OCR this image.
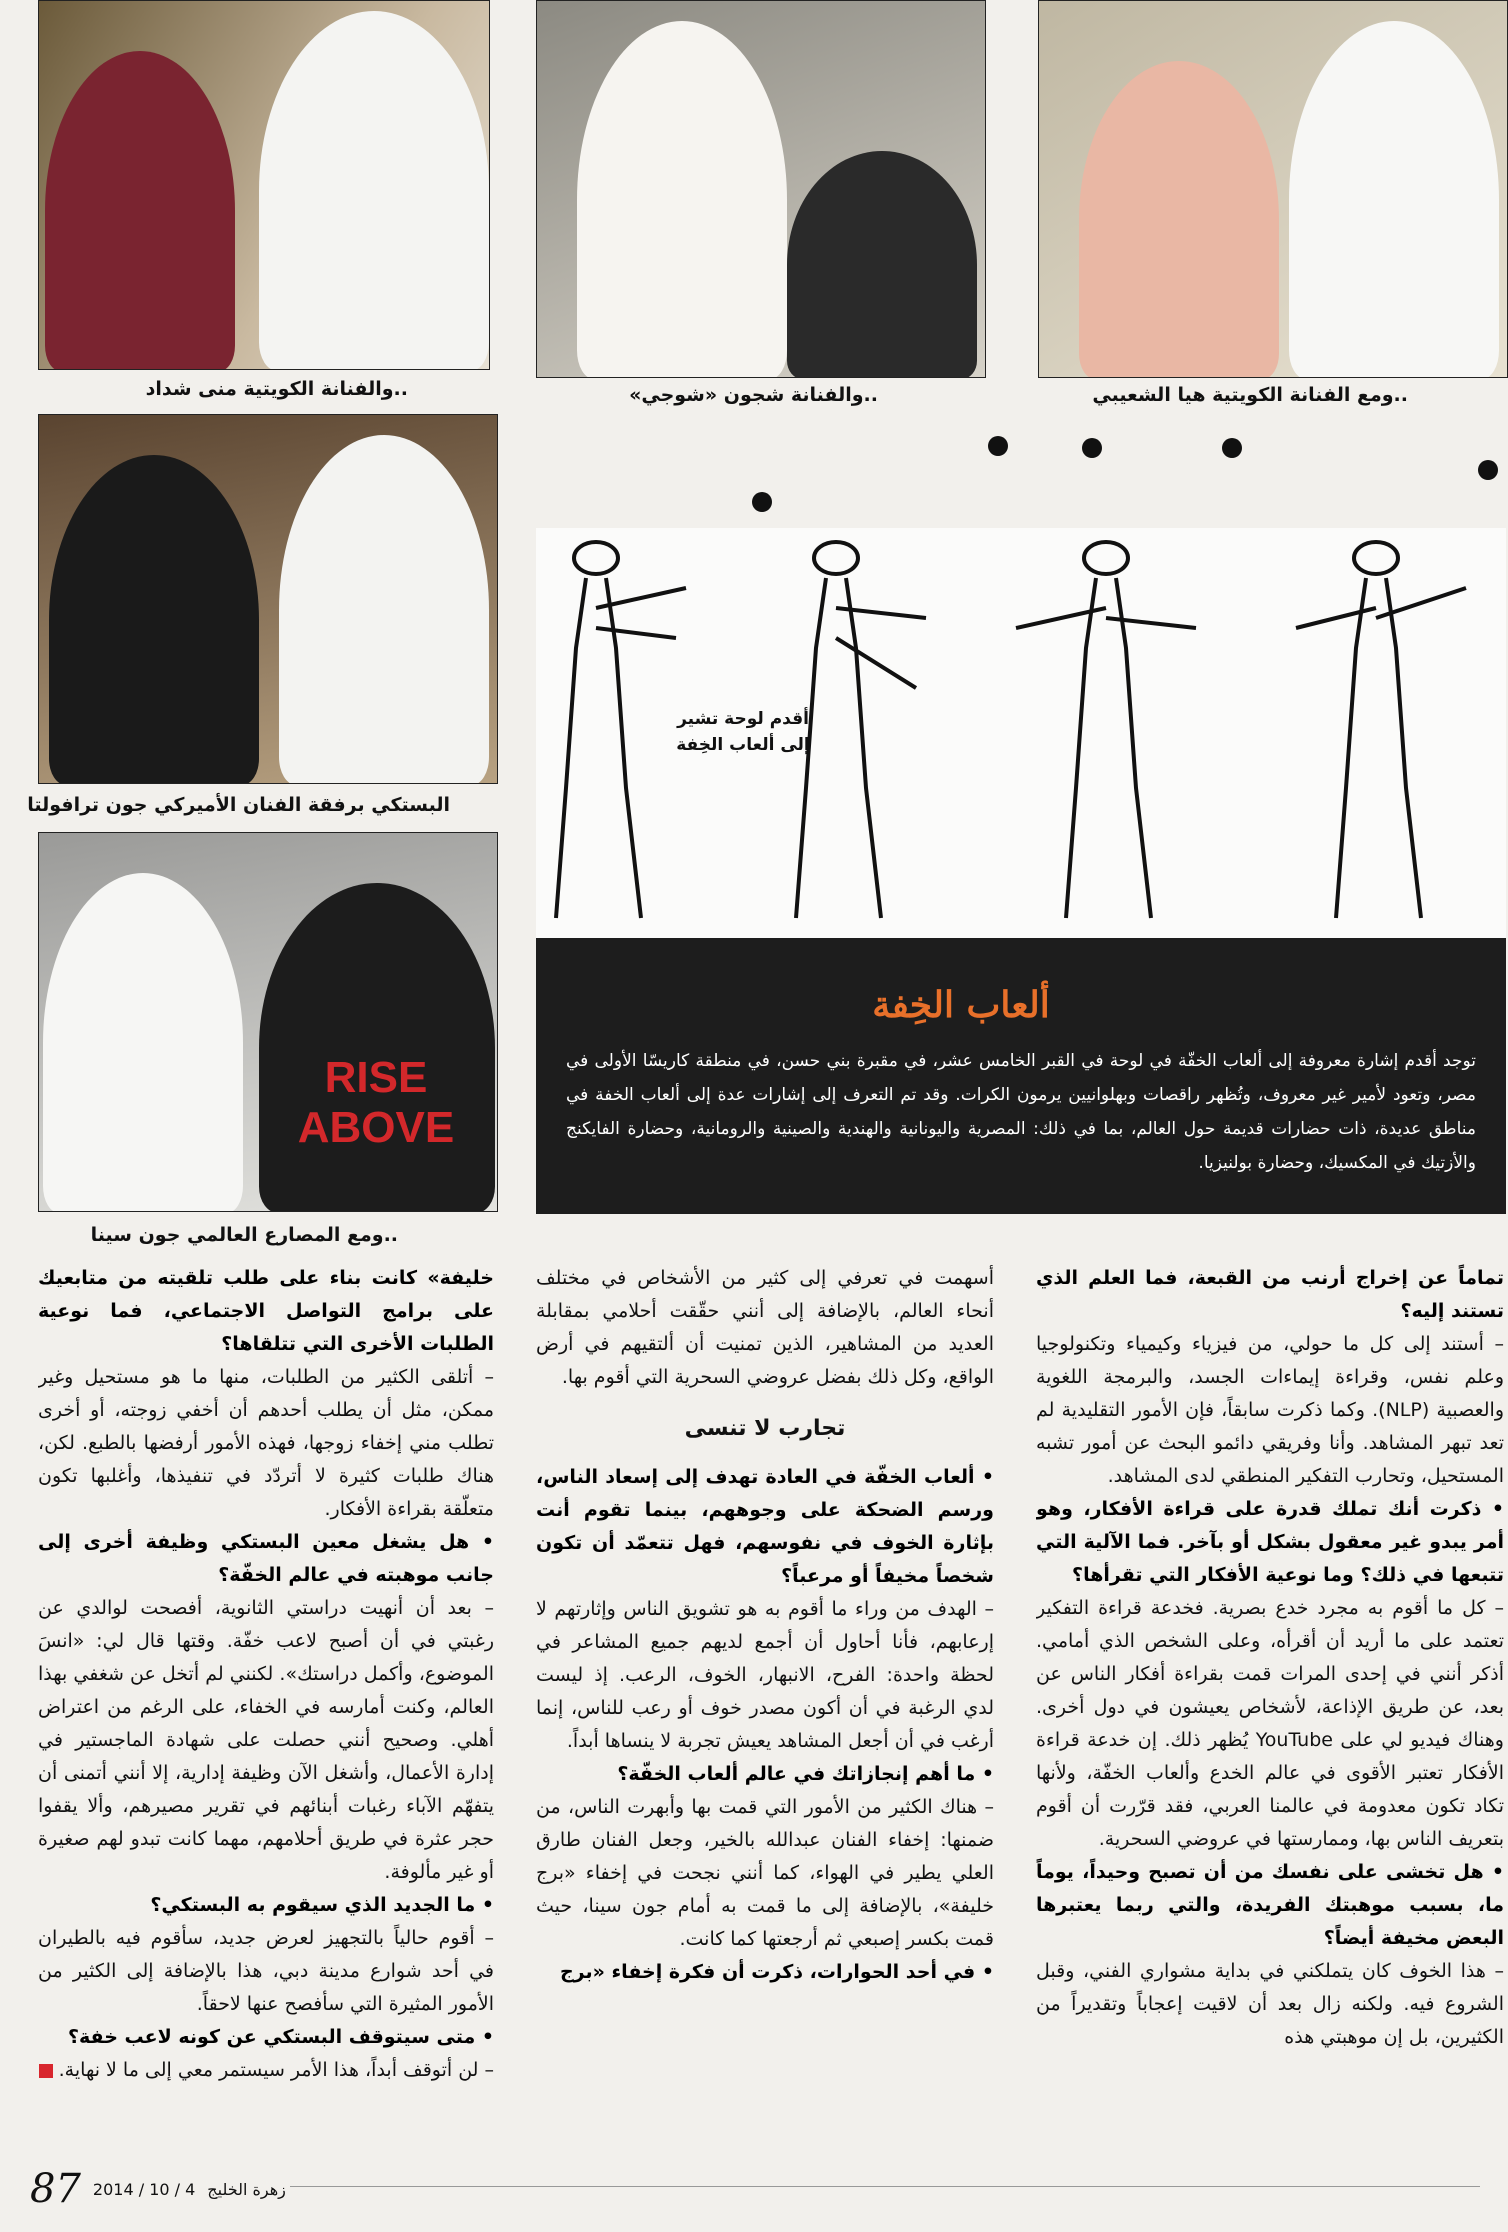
..والفنانة الكويتية منى شداد	..والفنانة شجون «شوجي»	..ومع الفنانة الكويتية هيا الشعيبي
البستكي برفقة الفنان الأميركي جون ترافولتا
RISE ABOVE
..ومع المصارع العالمي جون سينا
أقدم لوحة تشير إلى ألعاب الخِفة
ألعاب الخِفة
توجد أقدم إشارة معروفة إلى ألعاب الخفّة في لوحة في القبر الخامس عشر، في مقبرة بني حسن، في منطقة كاريسّا الأولى في مصر، وتعود لأمير غير معروف، وتُظهر راقصات وبهلوانيين يرمون الكرات. وقد تم التعرف إلى إشارات عدة إلى ألعاب الخفة في مناطق عديدة، ذات حضارات قديمة حول العالم، بما في ذلك: المصرية واليونانية والهندية والصينية والرومانية، وحضارة الفايكنج والأزتيك في المكسيك، وحضارة بولنيزيا.

تماماً عن إخراج أرنب من القبعة، فما العلم الذي تستند إليه؟

– أستند إلى كل ما حولي، من فيزياء وكيمياء وتكنولوجيا وعلم نفس، وقراءة إيماءات الجسد، والبرمجة اللغوية والعصبية (NLP). وكما ذكرت سابقاً، فإن الأمور التقليدية لم تعد تبهر المشاهد. وأنا وفريقي دائمو البحث عن أمور تشبه المستحيل، وتحارب التفكير المنطقي لدى المشاهد.

• ذكرت أنك تملك قدرة على قراءة الأفكار، وهو أمر يبدو غير معقول بشكل أو بآخر. فما الآلية التي تتبعها في ذلك؟ وما نوعية الأفكار التي تقرأها؟

– كل ما أقوم به مجرد خدع بصرية. فخدعة قراءة التفكير تعتمد على ما أريد أن أقرأه، وعلى الشخص الذي أمامي. أذكر أنني في إحدى المرات قمت بقراءة أفكار الناس عن بعد، عن طريق الإذاعة، لأشخاص يعيشون في دول أخرى. وهناك فيديو لي على YouTube يُظهر ذلك. إن خدعة قراءة الأفكار تعتبر الأقوى في عالم الخدع وألعاب الخفّة، ولأنها تكاد تكون معدومة في عالمنا العربي، فقد قرّرت أن أقوم بتعريف الناس بها، وممارستها في عروضي السحرية.

• هل تخشى على نفسك من أن تصبح وحيداً، يوماً ما، بسبب موهبتك الفريدة، والتي ربما يعتبرها البعض مخيفة أيضاً؟

– هذا الخوف كان يتملكني في بداية مشواري الفني، وقبل الشروع فيه. ولكنه زال بعد أن لاقيت إعجاباً وتقديراً من الكثيرين، بل إن موهبتي هذه

أسهمت في تعرفي إلى كثير من الأشخاص في مختلف أنحاء العالم، بالإضافة إلى أنني حقّقت أحلامي بمقابلة العديد من المشاهير، الذين تمنيت أن ألتقيهم في أرض الواقع، وكل ذلك بفضل عروضي السحرية التي أقوم بها.

تجارب لا تنسى

• ألعاب الخفّة في العادة تهدف إلى إسعاد الناس، ورسم الضحكة على وجوههم، بينما تقوم أنت بإثارة الخوف في نفوسهم، فهل تتعمّد أن تكون شخصاً مخيفاً أو مرعباً؟

– الهدف من وراء ما أقوم به هو تشويق الناس وإثارتهم لا إرعابهم، فأنا أحاول أن أجمع لديهم جميع المشاعر في لحظة واحدة: الفرح، الانبهار، الخوف، الرعب. إذ ليست لدي الرغبة في أن أكون مصدر خوف أو رعب للناس، إنما أرغب في أن أجعل المشاهد يعيش تجربة لا ينساها أبداً.

• ما أهم إنجازاتك في عالم ألعاب الخفّة؟

– هناك الكثير من الأمور التي قمت بها وأبهرت الناس، من ضمنها: إخفاء الفنان عبدالله بالخير، وجعل الفنان طارق العلي يطير في الهواء، كما أنني نجحت في إخفاء «برج خليفة»، بالإضافة إلى ما قمت به أمام جون سينا، حيث قمت بكسر إصبعي ثم أرجعتها كما كانت.

• في أحد الحوارات، ذكرت أن فكرة إخفاء «برج

خليفة» كانت بناء على طلب تلقيته من متابعيك على برامج التواصل الاجتماعي، فما نوعية الطلبات الأخرى التي تتلقاها؟

– أتلقى الكثير من الطلبات، منها ما هو مستحيل وغير ممكن، مثل أن يطلب أحدهم أن أخفي زوجته، أو أخرى تطلب مني إخفاء زوجها، فهذه الأمور أرفضها بالطبع. لكن، هناك طلبات كثيرة لا أتردّد في تنفيذها، وأغلبها تكون متعلّقة بقراءة الأفكار.

• هل يشغل معين البستكي وظيفة أخرى إلى جانب موهبته في عالم الخفّة؟

– بعد أن أنهيت دراستي الثانوية، أفصحت لوالدي عن رغبتي في أن أصبح لاعب خفّة. وقتها قال لي: «انسَ الموضوع، وأكمل دراستك». لكنني لم أتخل عن شغفي بهذا العالم، وكنت أمارسه في الخفاء، على الرغم من اعتراض أهلي. وصحيح أنني حصلت على شهادة الماجستير في إدارة الأعمال، وأشغل الآن وظيفة إدارية، إلا أنني أتمنى أن يتفهّم الآباء رغبات أبنائهم في تقرير مصيرهم، وألا يقفوا حجر عثرة في طريق أحلامهم، مهما كانت تبدو لهم صغيرة أو غير مألوفة.

• ما الجديد الذي سيقوم به البستكي؟

– أقوم حالياً بالتجهيز لعرض جديد، سأقوم فيه بالطيران في أحد شوارع مدينة دبي، هذا بالإضافة إلى الكثير من الأمور المثيرة التي سأفصح عنها لاحقاً.

• متى سيتوقف البستكي عن كونه لاعب خفة؟

– لن أتوقف أبداً، هذا الأمر سيستمر معي إلى ما لا نهاية.

87 2014 / 10 / 4 زهرة الخليج
